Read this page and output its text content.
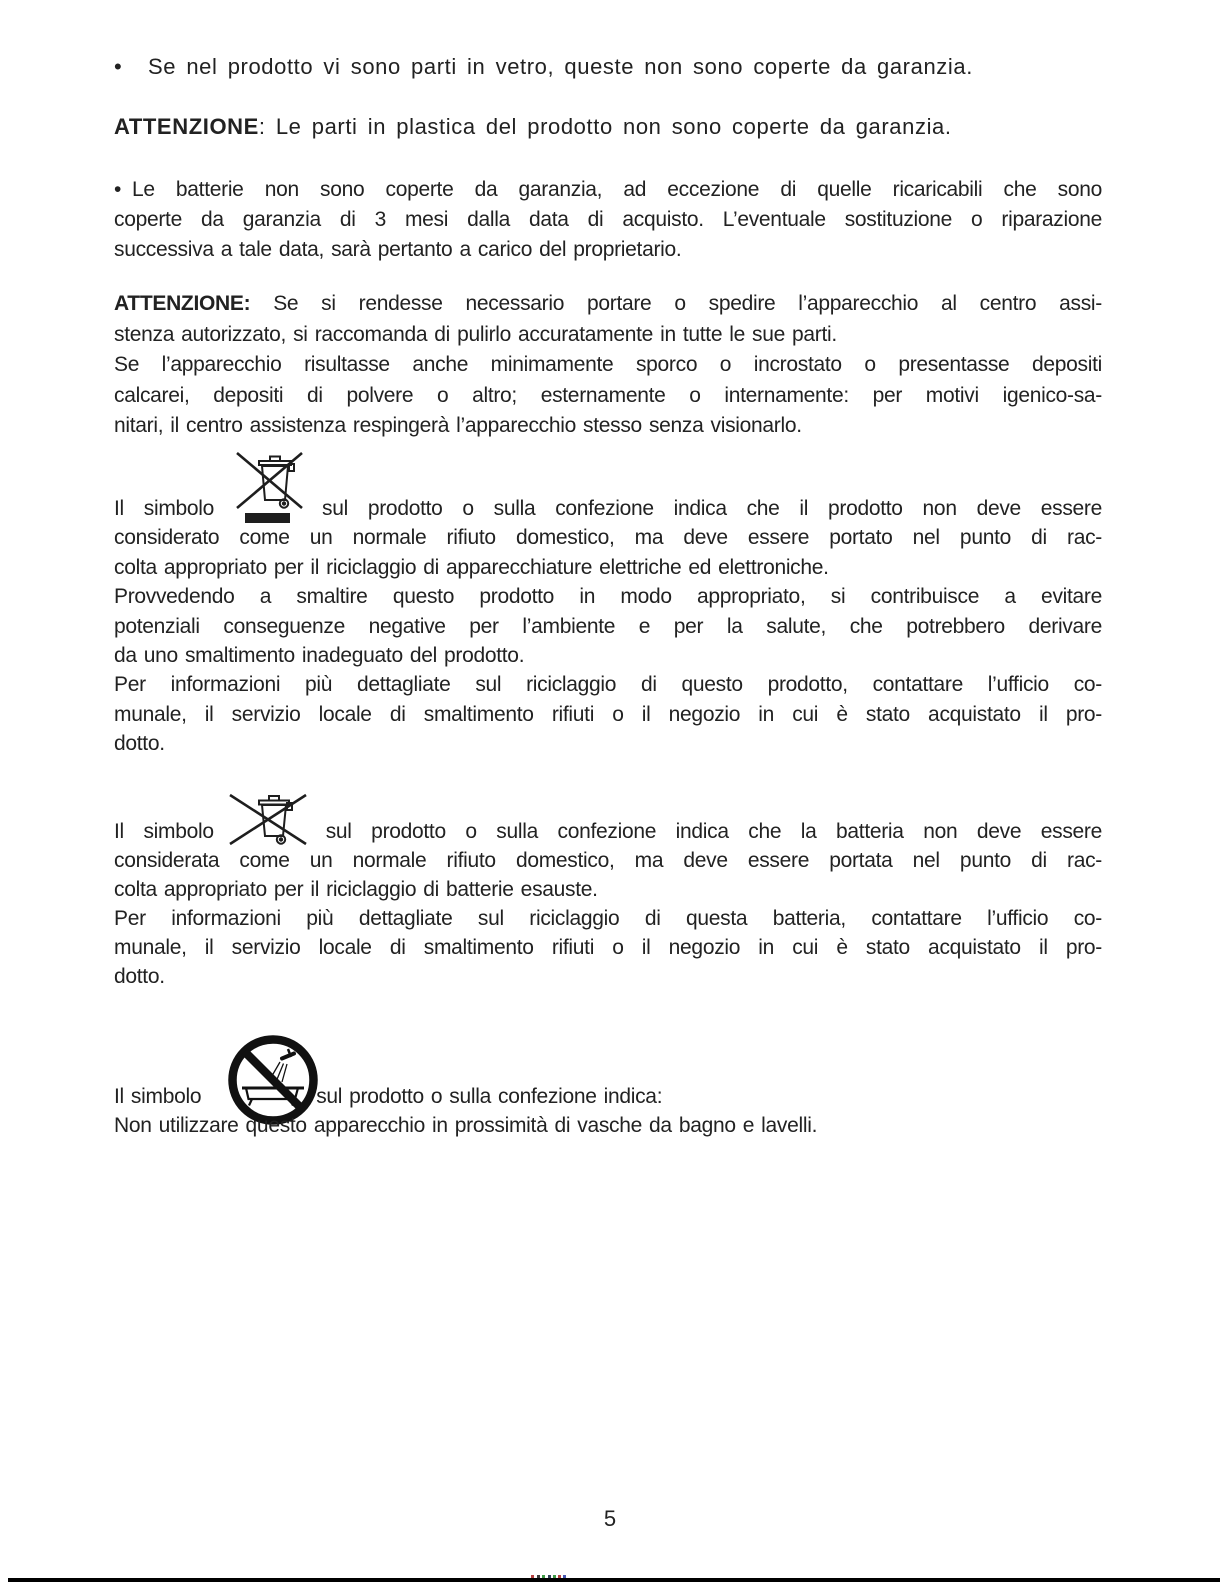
• Se nel prodotto vi sono parti in vetro, queste non sono coperte da garanzia.
ATTENZIONE: Le parti in plastica del prodotto non sono coperte da garanzia.
• Le batterie non sono coperte da garanzia, ad eccezione di quelle ricaricabili che sono
coperte da garanzia di 3 mesi dalla data di acquisto. L’eventuale sostituzione o riparazione
successiva a tale data, sarà pertanto a carico del proprietario.
ATTENZIONE: Se si rendesse necessario portare o spedire l’apparecchio al centro assi-
stenza autorizzato, si raccomanda di pulirlo accuratamente in tutte le sue parti.
Se l’apparecchio risultasse anche minimamente sporco o incrostato o presentasse depositi
calcarei, depositi di polvere o altro; esternamente o internamente: per motivi igenico-sa-
nitari, il centro assistenza respingerà l’apparecchio stesso senza visionarlo.
Il simbolo	sul prodotto o sulla confezione indica che il prodotto non deve essere
considerato come un normale rifiuto domestico, ma deve essere portato nel punto di rac-
colta appropriato per il riciclaggio di apparecchiature elettriche ed elettroniche.
Provvedendo a smaltire questo prodotto in modo appropriato, si contribuisce a evitare
potenziali conseguenze negative per l’ambiente e per la salute, che potrebbero derivare
da uno smaltimento inadeguato del prodotto.
Per informazioni più dettagliate sul riciclaggio di questo prodotto, contattare l’ufficio co-
munale, il servizio locale di smaltimento rifiuti o il negozio in cui è stato acquistato il pro-
dotto.
Il simbolo	sul prodotto o sulla confezione indica che la batteria non deve essere
considerata come un normale rifiuto domestico, ma deve essere portata nel punto di rac-
colta appropriato per il riciclaggio di batterie esauste.
Per informazioni più dettagliate sul riciclaggio di questa batteria, contattare l’ufficio co-
munale, il servizio locale di smaltimento rifiuti o il negozio in cui è stato acquistato il pro-
dotto.
Il simbolo	sul prodotto o sulla confezione indica:
Non utilizzare questo apparecchio in prossimità di vasche da bagno e lavelli.
5
